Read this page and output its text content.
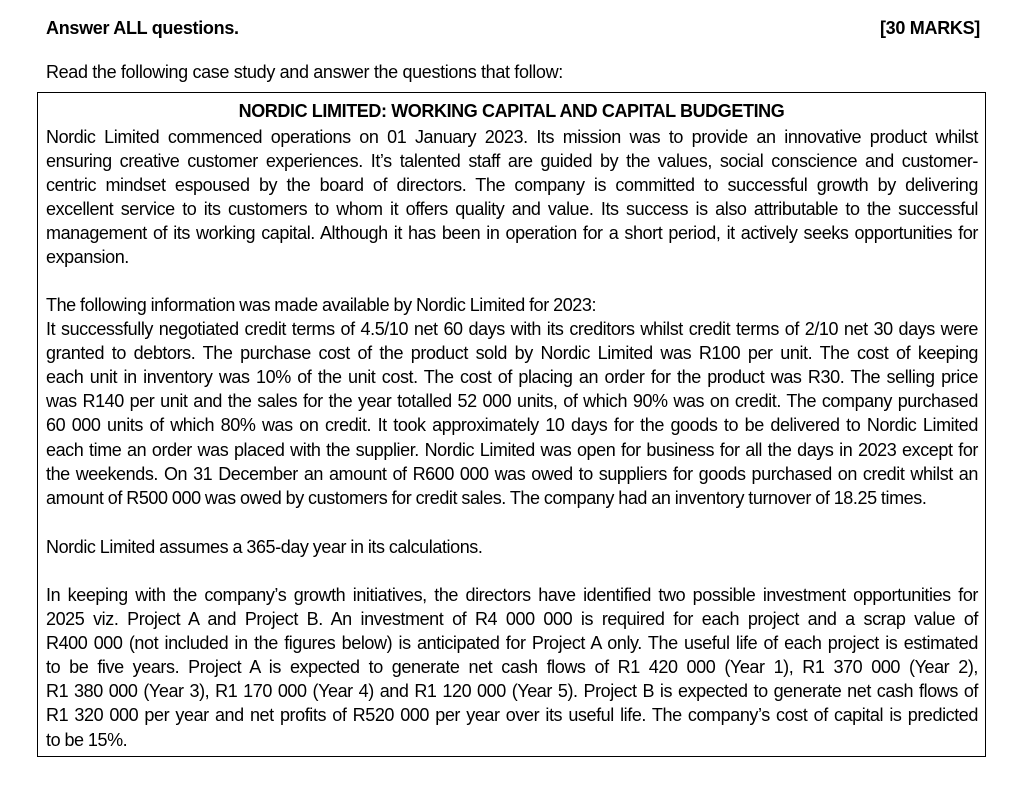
Answer ALL questions.	[30 MARKS]
Read the following case study and answer the questions that follow:
NORDIC LIMITED: WORKING CAPITAL AND CAPITAL BUDGETING
Nordic Limited commenced operations on 01 January 2023. Its mission was to provide an innovative product whilst
ensuring creative customer experiences. It’s talented staff are guided by the values, social conscience and customer-
centric mindset espoused by the board of directors. The company is committed to successful growth by delivering
excellent service to its customers to whom it offers quality and value. Its success is also attributable to the successful
management of its working capital. Although it has been in operation for a short period, it actively seeks opportunities for
expansion.
The following information was made available by Nordic Limited for 2023:
It successfully negotiated credit terms of 4.5/10 net 60 days with its creditors whilst credit terms of 2/10 net 30 days were
granted to debtors. The purchase cost of the product sold by Nordic Limited was R100 per unit. The cost of keeping
each unit in inventory was 10% of the unit cost. The cost of placing an order for the product was R30. The selling price
was R140 per unit and the sales for the year totalled 52 000 units, of which 90% was on credit. The company purchased
60 000 units of which 80% was on credit. It took approximately 10 days for the goods to be delivered to Nordic Limited
each time an order was placed with the supplier. Nordic Limited was open for business for all the days in 2023 except for
the weekends. On 31 December an amount of R600 000 was owed to suppliers for goods purchased on credit whilst an
amount of R500 000 was owed by customers for credit sales. The company had an inventory turnover of 18.25 times.
Nordic Limited assumes a 365-day year in its calculations.
In keeping with the company’s growth initiatives, the directors have identified two possible investment opportunities for
2025 viz. Project A and Project B. An investment of R4 000 000 is required for each project and a scrap value of
R400 000 (not included in the figures below) is anticipated for Project A only. The useful life of each project is estimated
to be five years. Project A is expected to generate net cash flows of R1 420 000 (Year 1), R1 370 000 (Year 2),
R1 380 000 (Year 3), R1 170 000 (Year 4) and R1 120 000 (Year 5). Project B is expected to generate net cash flows of
R1 320 000 per year and net profits of R520 000 per year over its useful life. The company’s cost of capital is predicted
to be 15%.
